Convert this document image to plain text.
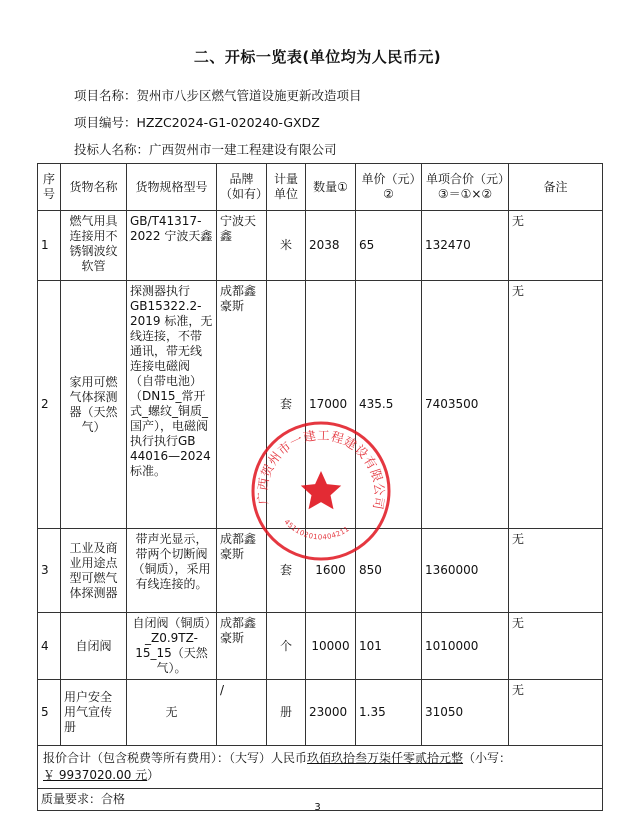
二、开标一览表(单位均为人民币元)
项目名称：贺州市八步区燃气管道设施更新改造项目
项目编号：HZZC2024-G1-020240-GXDZ
投标人名称：广西贺州市一建工程建设有限公司
序号	货物名称	货物规格型号	品牌（如有）	计量单位	数量①	单价（元）②	单项合价（元）③＝①×②	备注
1	燃气用具连接用不锈钢波纹软管	GB/T41317-2022 宁波天鑫	宁波天鑫	米	2038	65	132470	无
2	家用可燃气体探测器（天然气）	探测器执行GB15322.2-2019 标准，无线连接，不带通讯，带无线连接电磁阀（自带电池）（DN15_常开式_螺纹_铜质_国产），电磁阀执行执行GB 44016—2024标准。	成都鑫豪斯	套	17000	435.5	7403500	无
3	工业及商业用途点型可燃气体探测器	带声光显示，带两个切断阀（铜质），采用有线连接的。	成都鑫豪斯	套	1600	850	1360000	无
4	自闭阀	自闭阀（铜质）_Z0.9TZ-15_15（天然气）。	成都鑫豪斯	个	10000	101	1010000	无
5	用户安全用气宣传册	无	/	册	23000	1.35	31050	无
报价合计（包含税费等所有费用）：（大写）人民币玖佰玖拾叁万柒仟零贰拾元整（小写：
￥ 9937020.00 元）								
质量要求：合格								
广西贺州市一建工程建设有限公司
451102010404211
3
